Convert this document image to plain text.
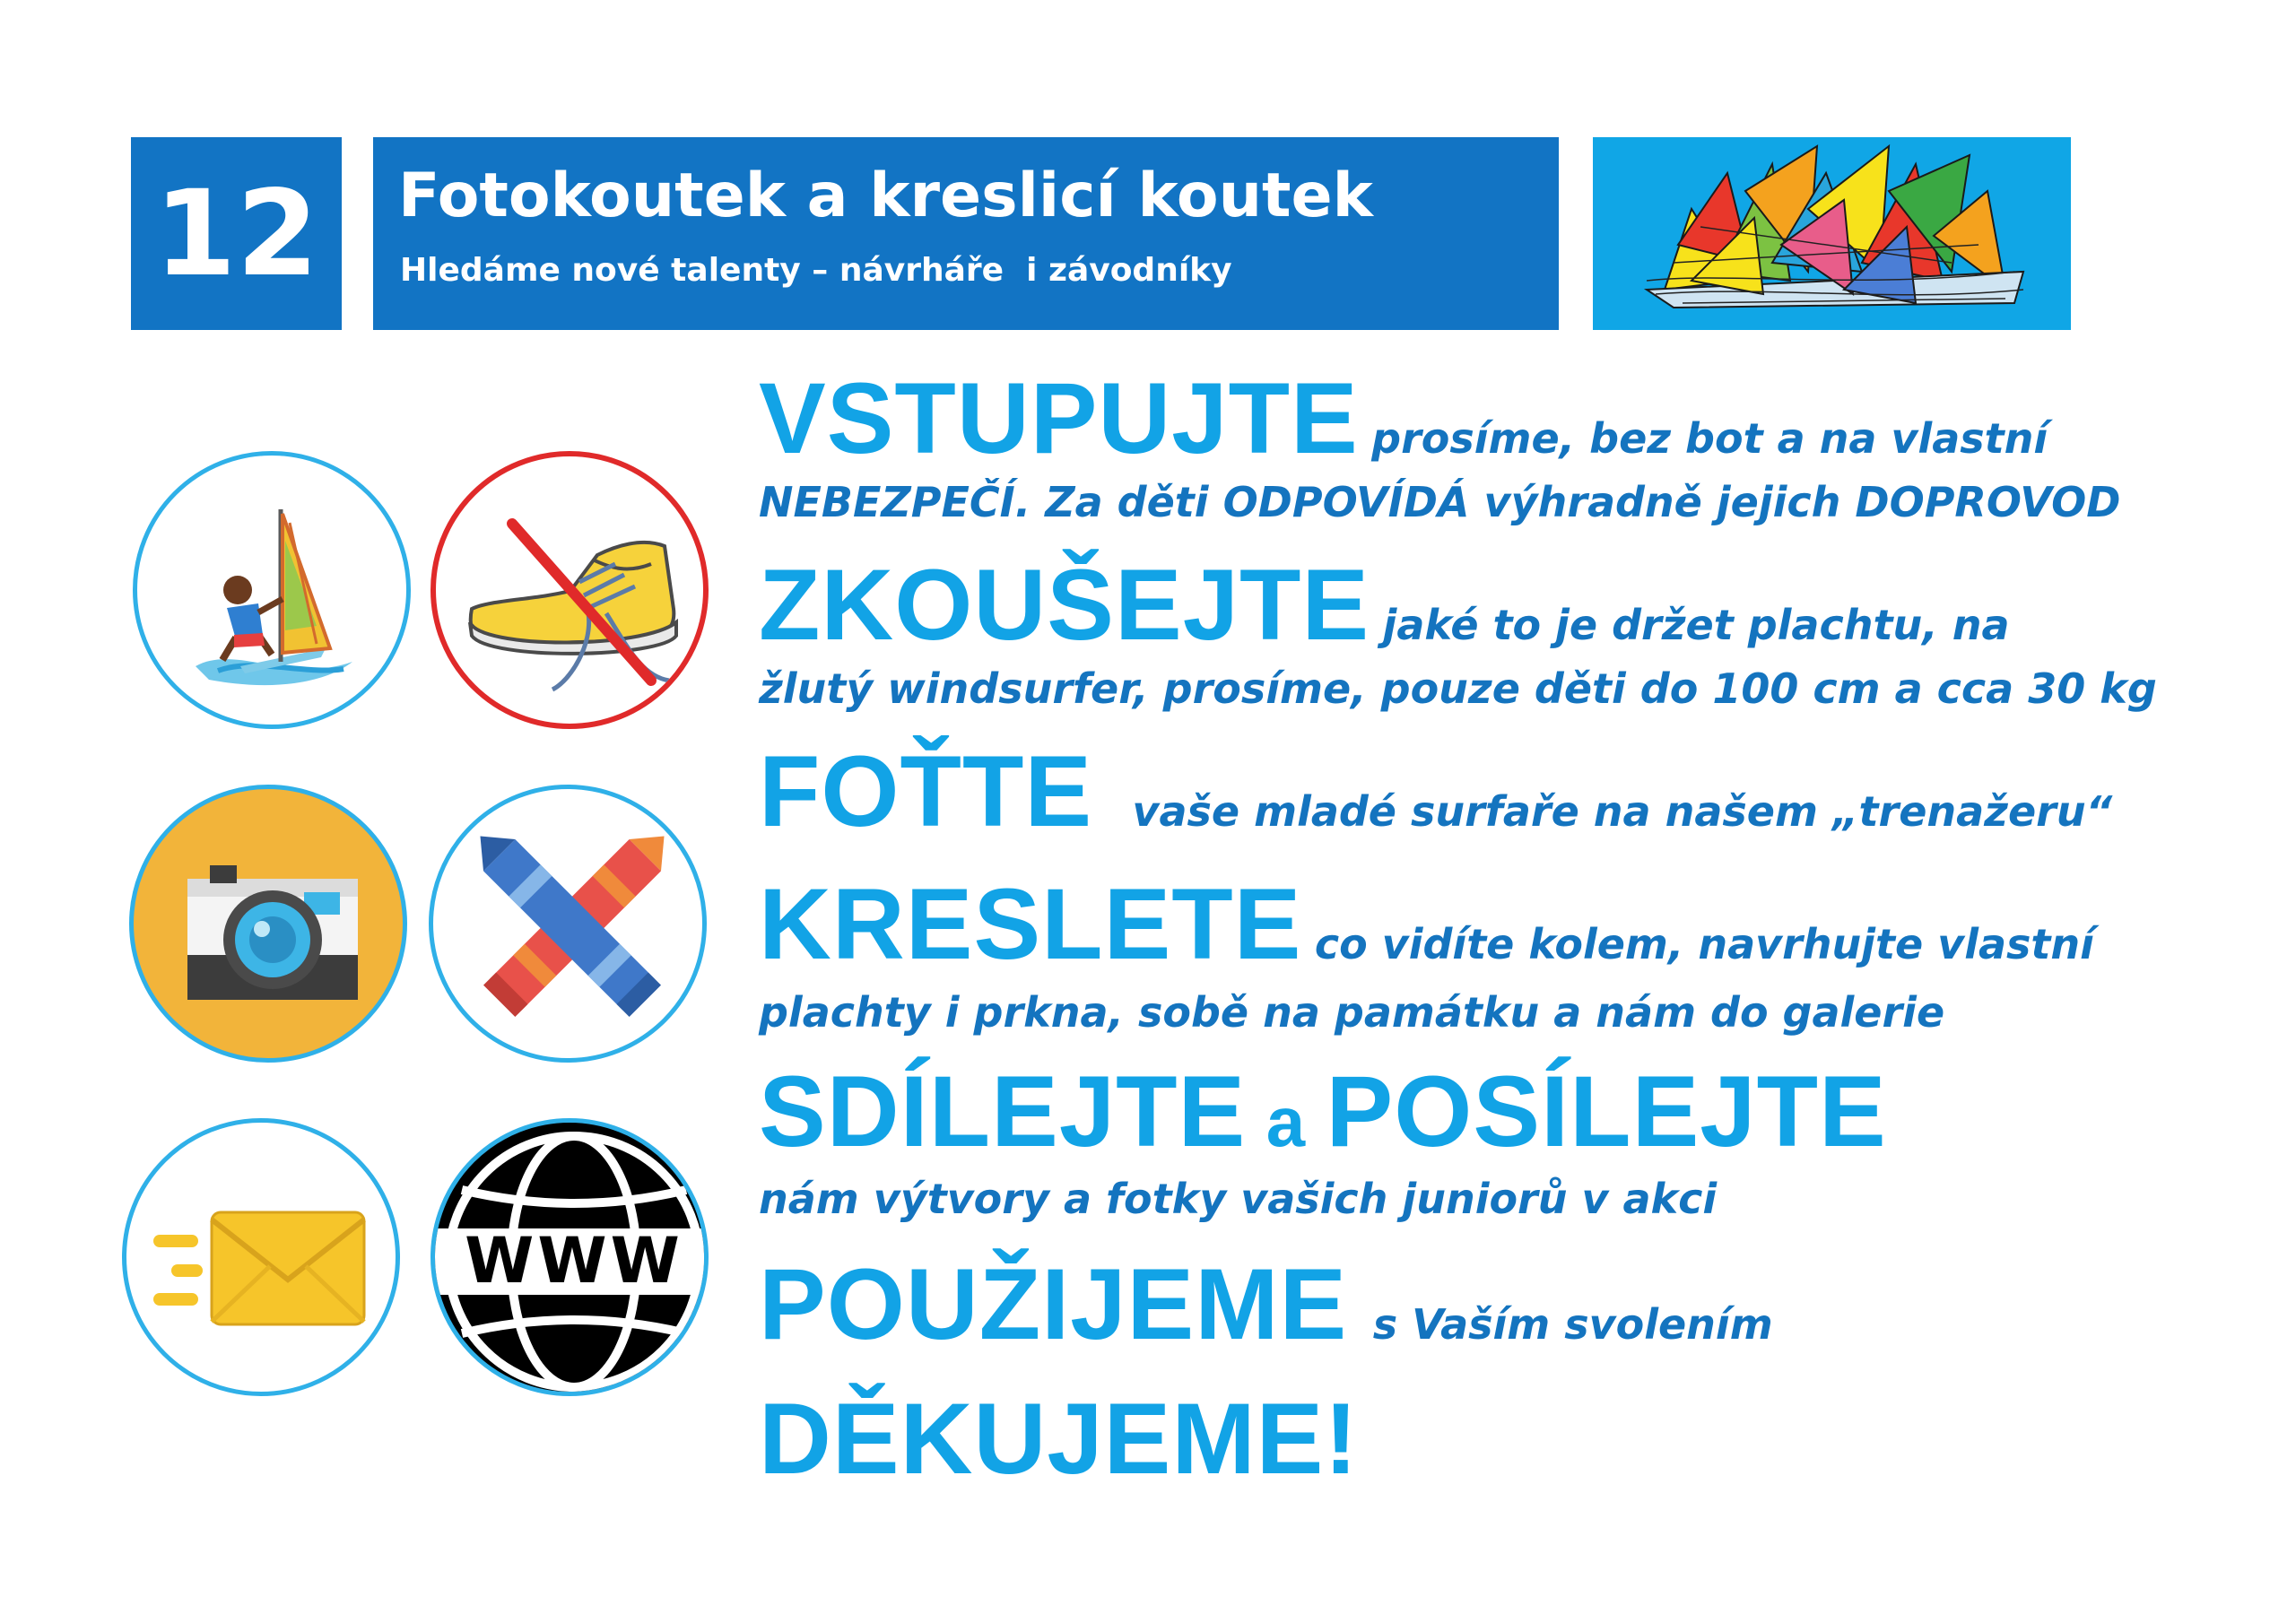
12	Fotokoutek a kreslicí koutek
Hledáme nové talenty – návrháře  i závodníky
WWW
VSTUPUJTE prosíme, bez bot a na vlastní
NEBEZPEČÍ. Za děti ODPOVÍDÁ výhradně jejich DOPROVOD
ZKOUŠEJTE jaké to je držet plachtu, na
žlutý windsurfer, prosíme, pouze děti do 100 cm a cca 30 kg
FOŤTE vaše mladé surfaře na našem „trenažeru“
KRESLETE co vidíte kolem, navrhujte vlastní
plachty i prkna, sobě na památku a nám do galerie
SDÍLEJTE a POSÍLEJTE
nám výtvory a fotky vašich juniorů v akci
POUŽIJEME s Vaším svolením
DĚKUJEME!
